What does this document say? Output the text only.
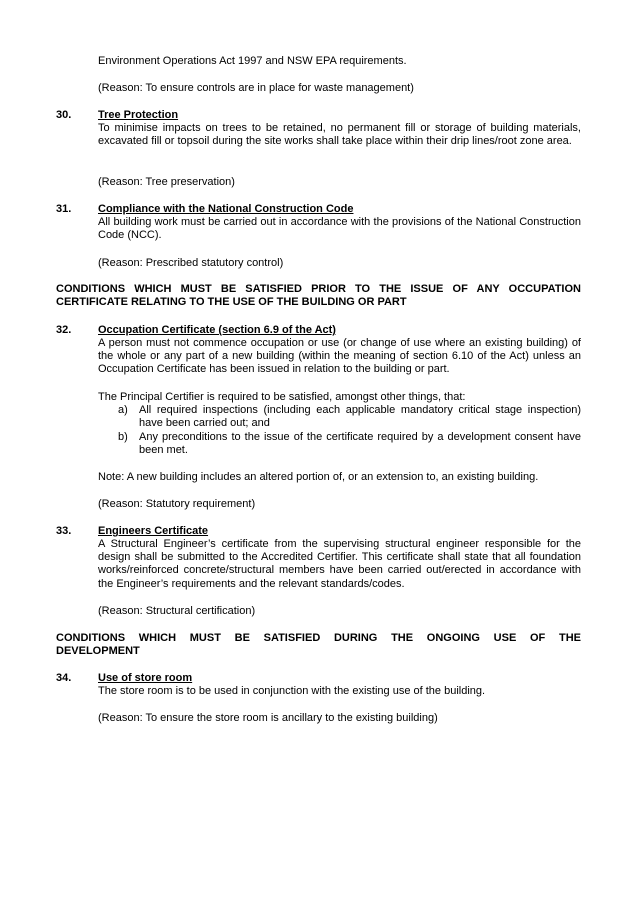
Environment Operations Act 1997 and NSW EPA requirements.

(Reason: To ensure controls are in place for waste management)

30. Tree Protection

To minimise impacts on trees to be retained, no permanent fill or storage of building materials, excavated fill or topsoil during the site works shall take place within their drip lines/root zone area.

(Reason: Tree preservation)

31. Compliance with the National Construction Code

All building work must be carried out in accordance with the provisions of the National Construction Code (NCC).

(Reason: Prescribed statutory control)

CONDITIONS WHICH MUST BE SATISFIED PRIOR TO THE ISSUE OF ANY OCCUPATION
CERTIFICATE RELATING TO THE USE OF THE BUILDING OR PART

32. Occupation Certificate (section 6.9 of the Act)

A person must not commence occupation or use (or change of use where an existing building) of the whole or any part of a new building (within the meaning of section 6.10 of the Act) unless an Occupation Certificate has been issued in relation to the building or part.

The Principal Certifier is required to be satisfied, amongst other things, that:

a) All required inspections (including each applicable mandatory critical stage inspection) have been carried out; and
b) Any preconditions to the issue of the certificate required by a development consent have been met.

Note: A new building includes an altered portion of, or an extension to, an existing building.

(Reason: Statutory requirement)

33. Engineers Certificate

A Structural Engineer’s certificate from the supervising structural engineer responsible for the design shall be submitted to the Accredited Certifier. This certificate shall state that all foundation works/reinforced concrete/structural members have been carried out/erected in accordance with the Engineer’s requirements and the relevant standards/codes.

(Reason: Structural certification)

CONDITIONS WHICH MUST BE SATISFIED DURING THE ONGOING USE OF THE
DEVELOPMENT

34. Use of store room

The store room is to be used in conjunction with the existing use of the building.

(Reason: To ensure the store room is ancillary to the existing building)
